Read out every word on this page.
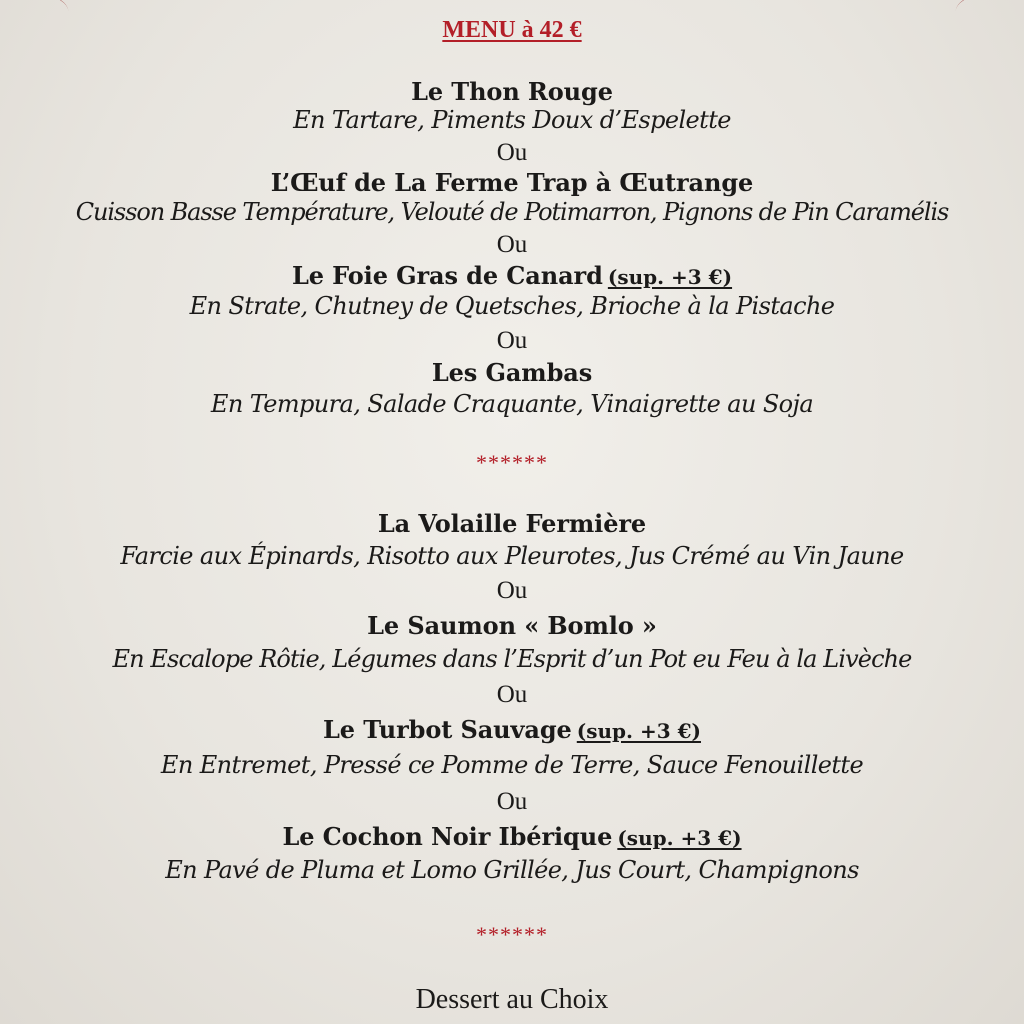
MENU à 42 €
Le Thon Rouge
En Tartare, Piments Doux d’Espelette
Ou
L’Œuf de La Ferme Trap à Œutrange
Cuisson Basse Température, Velouté de Potimarron, Pignons de Pin Caramélis
Ou
Le Foie Gras de Canard (sup. +3 €)
En Strate, Chutney de Quetsches, Brioche à la Pistache
Ou
Les Gambas
En Tempura, Salade Craquante, Vinaigrette au Soja
******
La Volaille Fermière
Farcie aux Épinards, Risotto aux Pleurotes, Jus Crémé au Vin Jaune
Ou
Le Saumon « Bomlo »
En Escalope Rôtie, Légumes dans l’Esprit d’un Pot eu Feu à la Livèche
Ou
Le Turbot Sauvage (sup. +3 €)
En Entremet, Pressé ce Pomme de Terre, Sauce Fenouillette
Ou
Le Cochon Noir Ibérique (sup. +3 €)
En Pavé de Pluma et Lomo Grillée, Jus Court, Champignons
******
Dessert au Choix
